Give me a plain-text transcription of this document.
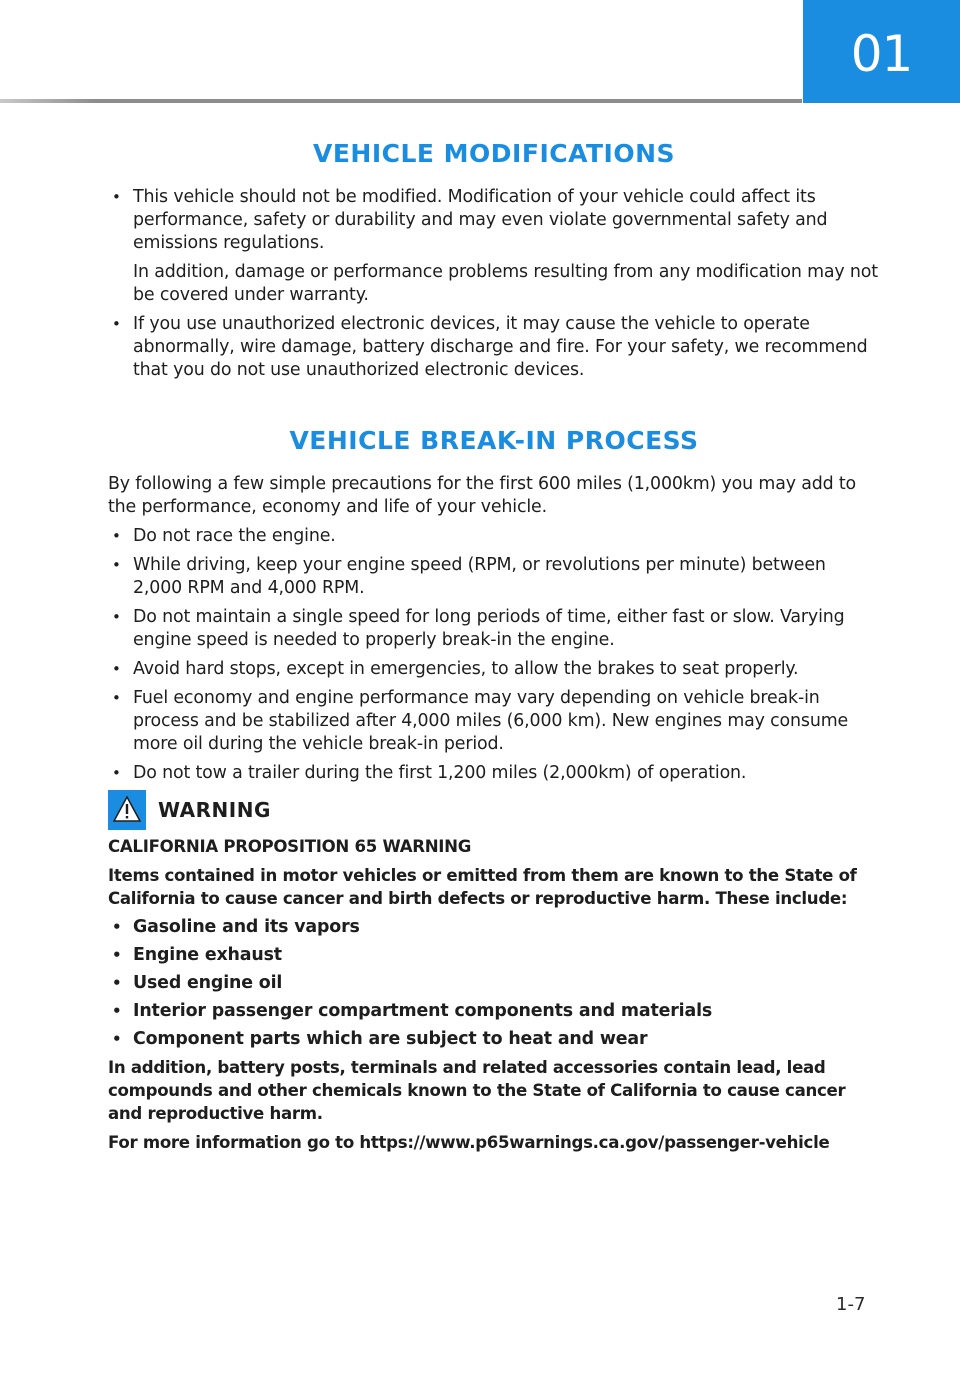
01
VEHICLE MODIFICATIONS
• This vehicle should not be modified. Modification of your vehicle could affect its performance, safety or durability and may even violate governmental safety and emissions regulations.

In addition, damage or performance problems resulting from any modification may not be covered under warranty.

• If you use unauthorized electronic devices, it may cause the vehicle to operate abnormally, wire damage, battery discharge and fire. For your safety, we recommend that you do not use unauthorized electronic devices.

VEHICLE BREAK-IN PROCESS

By following a few simple precautions for the first 600 miles (1,000km) you may add to the performance, economy and life of your vehicle.

• Do not race the engine.

• While driving, keep your engine speed (RPM, or revolutions per minute) between 2,000 RPM and 4,000 RPM.

• Do not maintain a single speed for long periods of time, either fast or slow. Varying engine speed is needed to properly break-in the engine.

• Avoid hard stops, except in emergencies, to allow the brakes to seat properly.

• Fuel economy and engine performance may vary depending on vehicle break-in process and be stabilized after 4,000 miles (6,000 km). New engines may consume more oil during the vehicle break-in period.

• Do not tow a trailer during the first 1,200 miles (2,000km) of operation.

WARNING

CALIFORNIA PROPOSITION 65 WARNING

Items contained in motor vehicles or emitted from them are known to the State of California to cause cancer and birth defects or reproductive harm. These include:

• Gasoline and its vapors

• Engine exhaust

• Used engine oil

• Interior passenger compartment components and materials

• Component parts which are subject to heat and wear

In addition, battery posts, terminals and related accessories contain lead, lead compounds and other chemicals known to the State of California to cause cancer and reproductive harm.

For more information go to https://www.p65warnings.ca.gov/passenger-vehicle

1-7
